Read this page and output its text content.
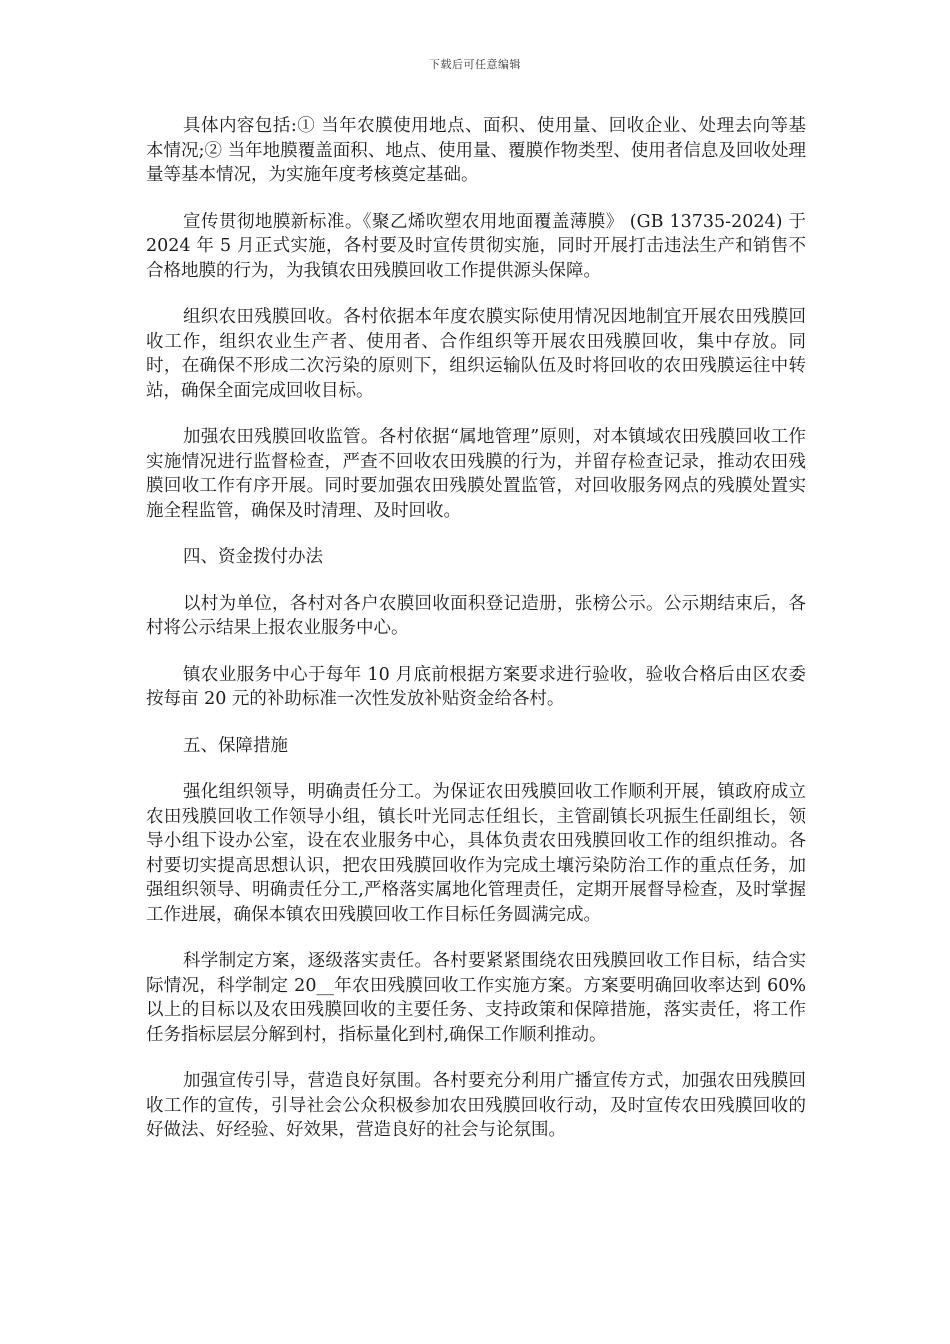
下载后可任意编辑

具体内容包括:① 当年农膜使用地点、面积、使用量、回收企业、处理去向等基本情况;② 当年地膜覆盖面积、地点、使用量、覆膜作物类型、使用者信息及回收处理量等基本情况，为实施年度考核奠定基础。

宣传贯彻地膜新标准。《聚乙烯吹塑农用地面覆盖薄膜》 (GB 13735-2024) 于 2024 年 5 月正式实施，各村要及时宣传贯彻实施，同时开展打击违法生产和销售不合格地膜的行为，为我镇农田残膜回收工作提供源头保障。

组织农田残膜回收。各村依据本年度农膜实际使用情况因地制宜开展农田残膜回收工作，组织农业生产者、使用者、合作组织等开展农田残膜回收，集中存放。同时，在确保不形成二次污染的原则下，组织运输队伍及时将回收的农田残膜运往中转站，确保全面完成回收目标。

加强农田残膜回收监管。各村依据“属地管理”原则，对本镇域农田残膜回收工作实施情况进行监督检查，严查不回收农田残膜的行为，并留存检查记录，推动农田残膜回收工作有序开展。同时要加强农田残膜处置监管，对回收服务网点的残膜处置实施全程监管，确保及时清理、及时回收。

四、资金拨付办法

以村为单位，各村对各户农膜回收面积登记造册，张榜公示。公示期结束后，各村将公示结果上报农业服务中心。

镇农业服务中心于每年 10 月底前根据方案要求进行验收，验收合格后由区农委按每亩 20 元的补助标准一次性发放补贴资金给各村。

五、保障措施

强化组织领导，明确责任分工。为保证农田残膜回收工作顺利开展，镇政府成立农田残膜回收工作领导小组，镇长叶光同志任组长，主管副镇长巩振生任副组长，领导小组下设办公室，设在农业服务中心，具体负责农田残膜回收工作的组织推动。各村要切实提高思想认识，把农田残膜回收作为完成土壤污染防治工作的重点任务，加强组织领导、明确责任分工,严格落实属地化管理责任，定期开展督导检查，及时掌握工作进展，确保本镇农田残膜回收工作目标任务圆满完成。

科学制定方案，逐级落实责任。各村要紧紧围绕农田残膜回收工作目标，结合实际情况，科学制定 20__年农田残膜回收工作实施方案。方案要明确回收率达到 60%以上的目标以及农田残膜回收的主要任务、支持政策和保障措施，落实责任，将工作任务指标层层分解到村，指标量化到村,确保工作顺利推动。

加强宣传引导，营造良好氛围。各村要充分利用广播宣传方式，加强农田残膜回收工作的宣传，引导社会公众积极参加农田残膜回收行动，及时宣传农田残膜回收的好做法、好经验、好效果，营造良好的社会与论氛围。
